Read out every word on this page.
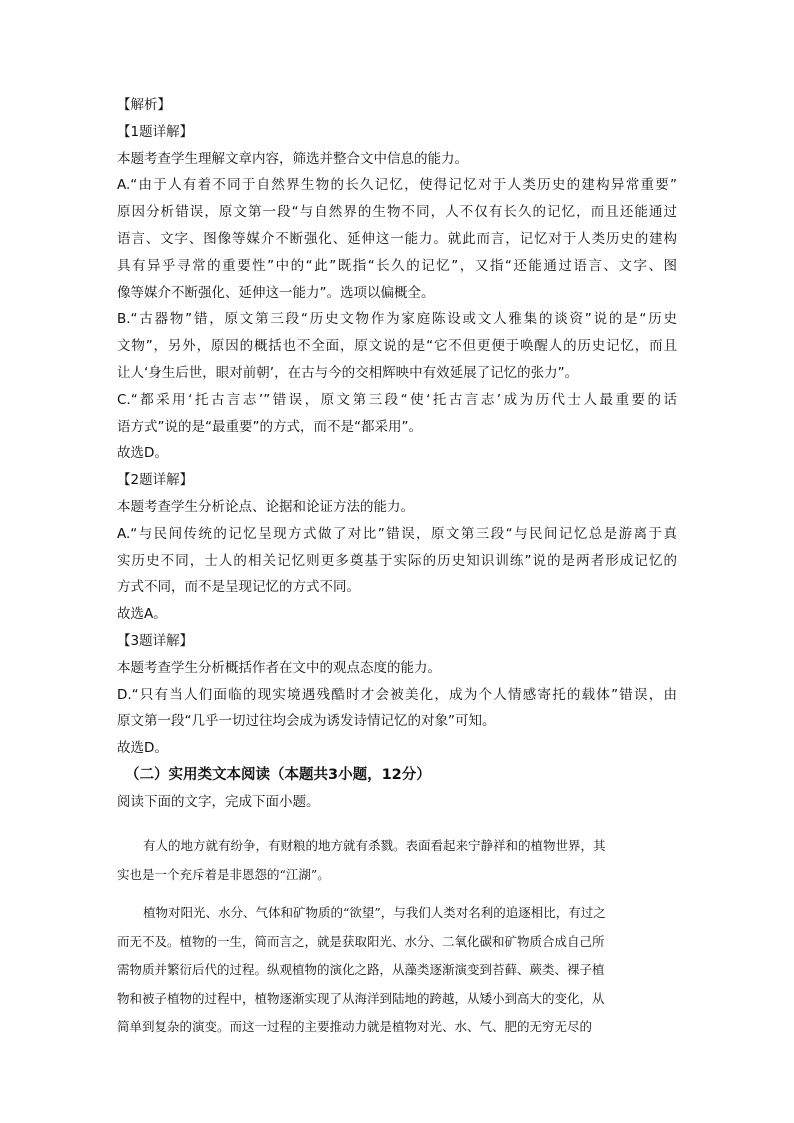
【解析】
【1题详解】
本题考查学生理解文章内容，筛选并整合文中信息的能力。
A.“由于人有着不同于自然界生物的长久记忆，使得记忆对于人类历史的建构异常重要”
原因分析错误，原文第一段“与自然界的生物不同，人不仅有长久的记忆，而且还能通过
语言、文字、图像等媒介不断强化、延伸这一能力。就此而言，记忆对于人类历史的建构
具有异乎寻常的重要性”中的“此”既指“长久的记忆”，又指“还能通过语言、文字、图
像等媒介不断强化、延伸这一能力”。选项以偏概全。
B.“古器物”错，原文第三段“历史文物作为家庭陈设或文人雅集的谈资”说的是“历史
文物”，另外，原因的概括也不全面，原文说的是“它不但更便于唤醒人的历史记忆，而且
让人‘身生后世，眼对前朝’，在古与今的交相辉映中有效延展了记忆的张力”。
C.“都采用‘托古言志’”错误，原文第三段“使‘托古言志’成为历代士人最重要的话
语方式”说的是“最重要”的方式，而不是“都采用”。
故选D。
【2题详解】
本题考查学生分析论点、论据和论证方法的能力。
A.“与民间传统的记忆呈现方式做了对比”错误，原文第三段“与民间记忆总是游离于真
实历史不同，士人的相关记忆则更多奠基于实际的历史知识训练”说的是两者形成记忆的
方式不同，而不是呈现记忆的方式不同。
故选A。
【3题详解】
本题考查学生分析概括作者在文中的观点态度的能力。
D.“只有当人们面临的现实境遇残酷时才会被美化，成为个人情感寄托的载体”错误，由
原文第一段“几乎一切过往均会成为诱发诗情记忆的对象”可知。
故选D。
（二）实用类文本阅读（本题共3小题，12分）
阅读下面的文字，完成下面小题。
有人的地方就有纷争，有财粮的地方就有杀戮。表面看起来宁静祥和的植物世界，其
实也是一个充斥着是非恩怨的“江湖”。
植物对阳光、水分、气体和矿物质的“欲望”，与我们人类对名利的追逐相比，有过之
而无不及。植物的一生，简而言之，就是获取阳光、水分、二氧化碳和矿物质合成自己所
需物质并繁衍后代的过程。纵观植物的演化之路，从藻类逐渐演变到苔藓、蕨类、裸子植
物和被子植物的过程中，植物逐渐实现了从海洋到陆地的跨越，从矮小到高大的变化，从
简单到复杂的演变。而这一过程的主要推动力就是植物对光、水、气、肥的无穷无尽的
